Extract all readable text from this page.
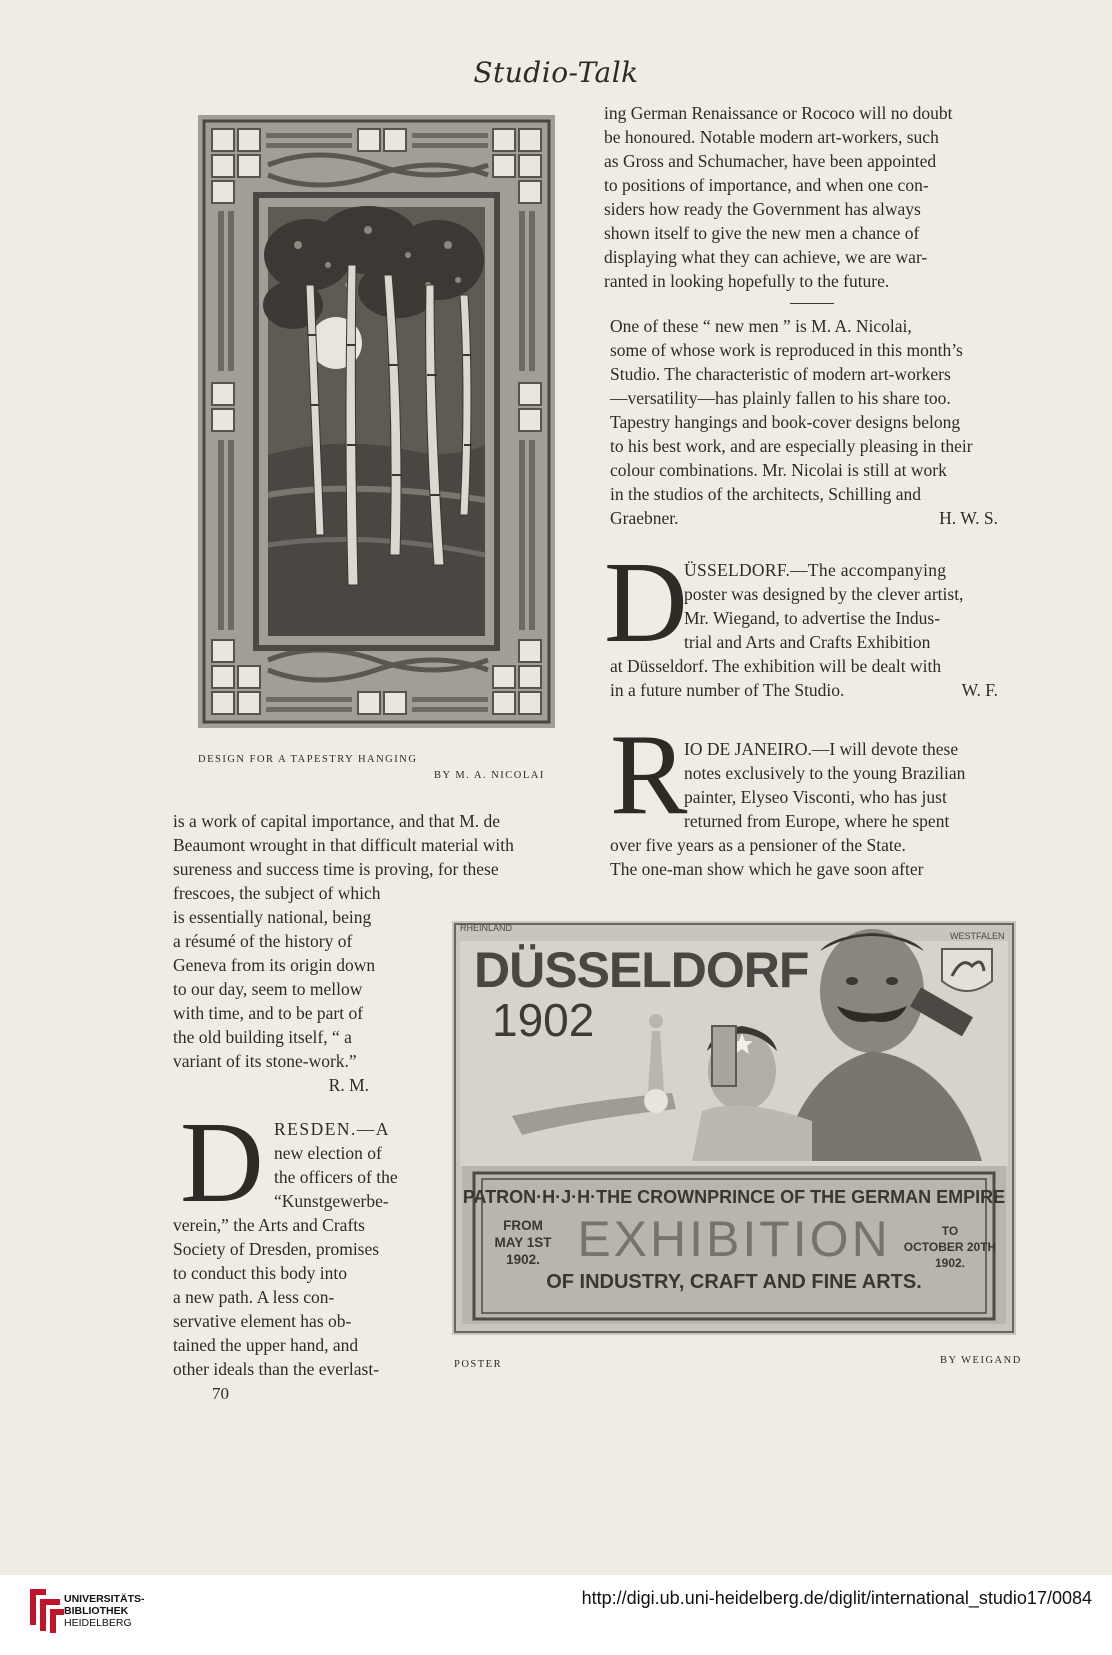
Studio-Talk
DESIGN FOR A TAPESTRY HANGING
BY M. A. NICOLAI
ing German Renaissance or Rococo will no doubt
be honoured. Notable modern art-workers, such
as Gross and Schumacher, have been appointed
to positions of importance, and when one con-
siders how ready the Government has always
shown itself to give the new men a chance of
displaying what they can achieve, we are war-
ranted in looking hopefully to the future.
One of these “ new men ” is M. A. Nicolai,
some of whose work is reproduced in this month’s
Studio. The characteristic of modern art-workers
—versatility—has plainly fallen to his share too.
Tapestry hangings and book-cover designs belong
to his best work, and are especially pleasing in their
colour combinations. Mr. Nicolai is still at work
in the studios of the architects, Schilling and
Graebner.	H. W. S.
D
ÜSSELDORF.—The accompanying
poster was designed by the clever artist,
Mr. Wiegand, to advertise the Indus-
trial and Arts and Crafts Exhibition
at Düsseldorf. The exhibition will be dealt with
in a future number of The Studio.	W. F.
R
IO DE JANEIRO.—I will devote these
notes exclusively to the young Brazilian
painter, Elyseo Visconti, who has just
returned from Europe, where he spent
over five years as a pensioner of the State.
The one-man show which he gave soon after
is a work of capital importance, and that M. de
Beaumont wrought in that difficult material with
sureness and success time is proving, for these
frescoes, the subject of which
is essentially national, being
a résumé of the history of
Geneva from its origin down
to our day, seem to mellow
with time, and to be part of
the old building itself, “ a
variant of its stone-work.”
R. M.
D RESDEN.—A
new election of
the officers of the
“Kunstgewerbe-
verein,” the Arts and Crafts
Society of Dresden, promises
to conduct this body into
a new path. A less con-
servative element has ob-
tained the upper hand, and
other ideals than the everlast-
RHEINLAND
WESTFALEN
DÜSSELDORF
1902
PATRON·H·J·H·THE CROWNPRINCE OF THE GERMAN EMPIRE
FROM
MAY 1ST
1902. EXHIBITION	TO
OCTOBER 20TH
1902.
OF INDUSTRY, CRAFT AND FINE ARTS.
POSTER	BY WEIGAND
70
UNIVERSITÄTS-
BIBLIOTHEK
HEIDELBERG
http://digi.ub.uni-heidelberg.de/diglit/international_studio17/0084
